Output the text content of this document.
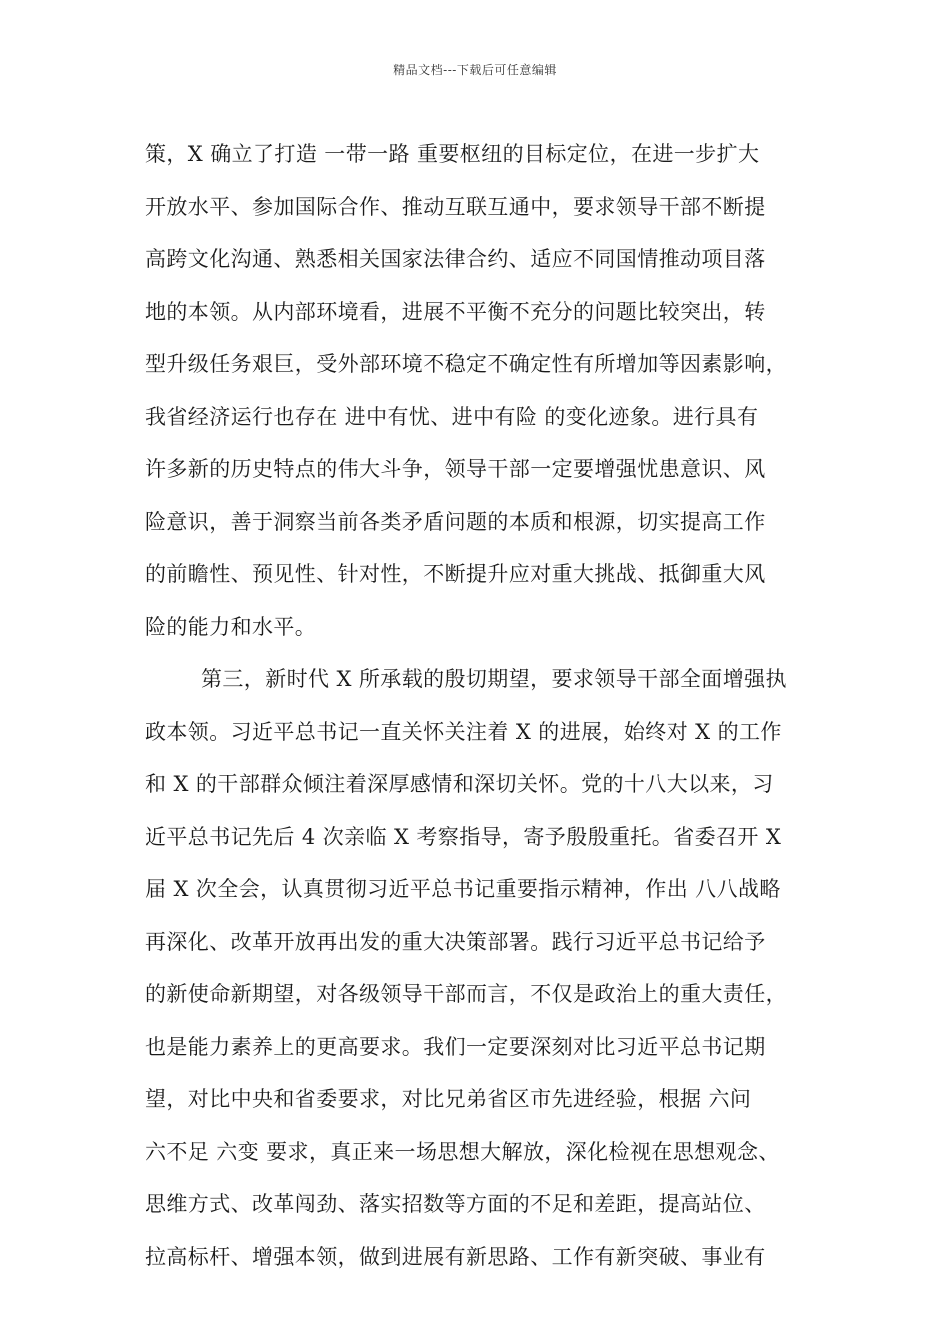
精品文档---下载后可任意编辑
策，X 确立了打造 一带一路 重要枢纽的目标定位，在进一步扩大
开放水平、参加国际合作、推动互联互通中，要求领导干部不断提
高跨文化沟通、熟悉相关国家法律合约、适应不同国情推动项目落
地的本领。从内部环境看，进展不平衡不充分的问题比较突出，转
型升级任务艰巨，受外部环境不稳定不确定性有所增加等因素影响，
我省经济运行也存在 进中有忧、进中有险 的变化迹象。进行具有
许多新的历史特点的伟大斗争，领导干部一定要增强忧患意识、风
险意识，善于洞察当前各类矛盾问题的本质和根源，切实提高工作
的前瞻性、预见性、针对性，不断提升应对重大挑战、抵御重大风
险的能力和水平。
第三，新时代 X 所承载的殷切期望，要求领导干部全面增强执
政本领。习近平总书记一直关怀关注着 X 的进展，始终对 X 的工作
和 X 的干部群众倾注着深厚感情和深切关怀。党的十八大以来，习
近平总书记先后 4 次亲临 X 考察指导，寄予殷殷重托。省委召开 X
届 X 次全会，认真贯彻习近平总书记重要指示精神，作出 八八战略
再深化、改革开放再出发的重大决策部署。践行习近平总书记给予
的新使命新期望，对各级领导干部而言，不仅是政治上的重大责任，
也是能力素养上的更高要求。我们一定要深刻对比习近平总书记期
望，对比中央和省委要求，对比兄弟省区市先进经验，根据 六问
六不足 六变 要求，真正来一场思想大解放，深化检视在思想观念、
思维方式、改革闯劲、落实招数等方面的不足和差距，提高站位、
拉高标杆、增强本领，做到进展有新思路、工作有新突破、事业有
